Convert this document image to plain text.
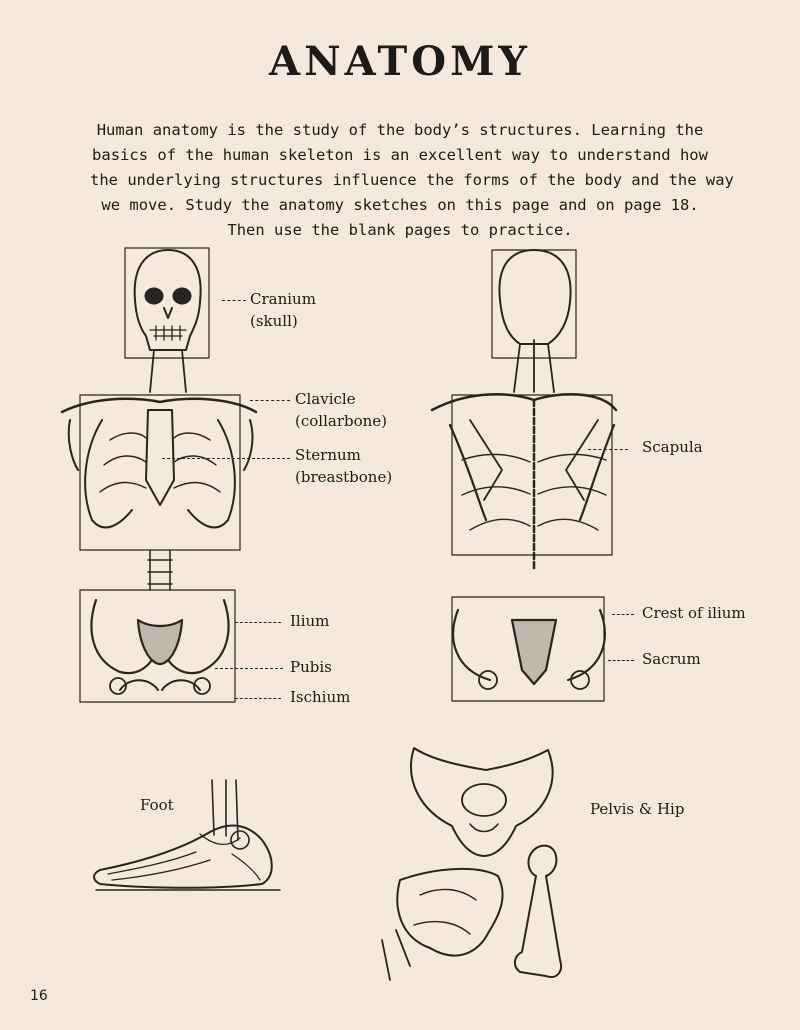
ANATOMY
Human anatomy is the study of the body’s structures. Learning the
basics of the human skeleton is an excellent way to understand how
the underlying structures influence the forms of the body and the way
we move. Study the anatomy sketches on this page and on page 18.
Then use the blank pages to practice.
Cranium
(skull)
Clavicle
(collarbone)
Sternum
(breastbone)
Ilium
Pubis
Ischium
Scapula
Crest of ilium
Sacrum
Foot	Pelvis & Hip
16
